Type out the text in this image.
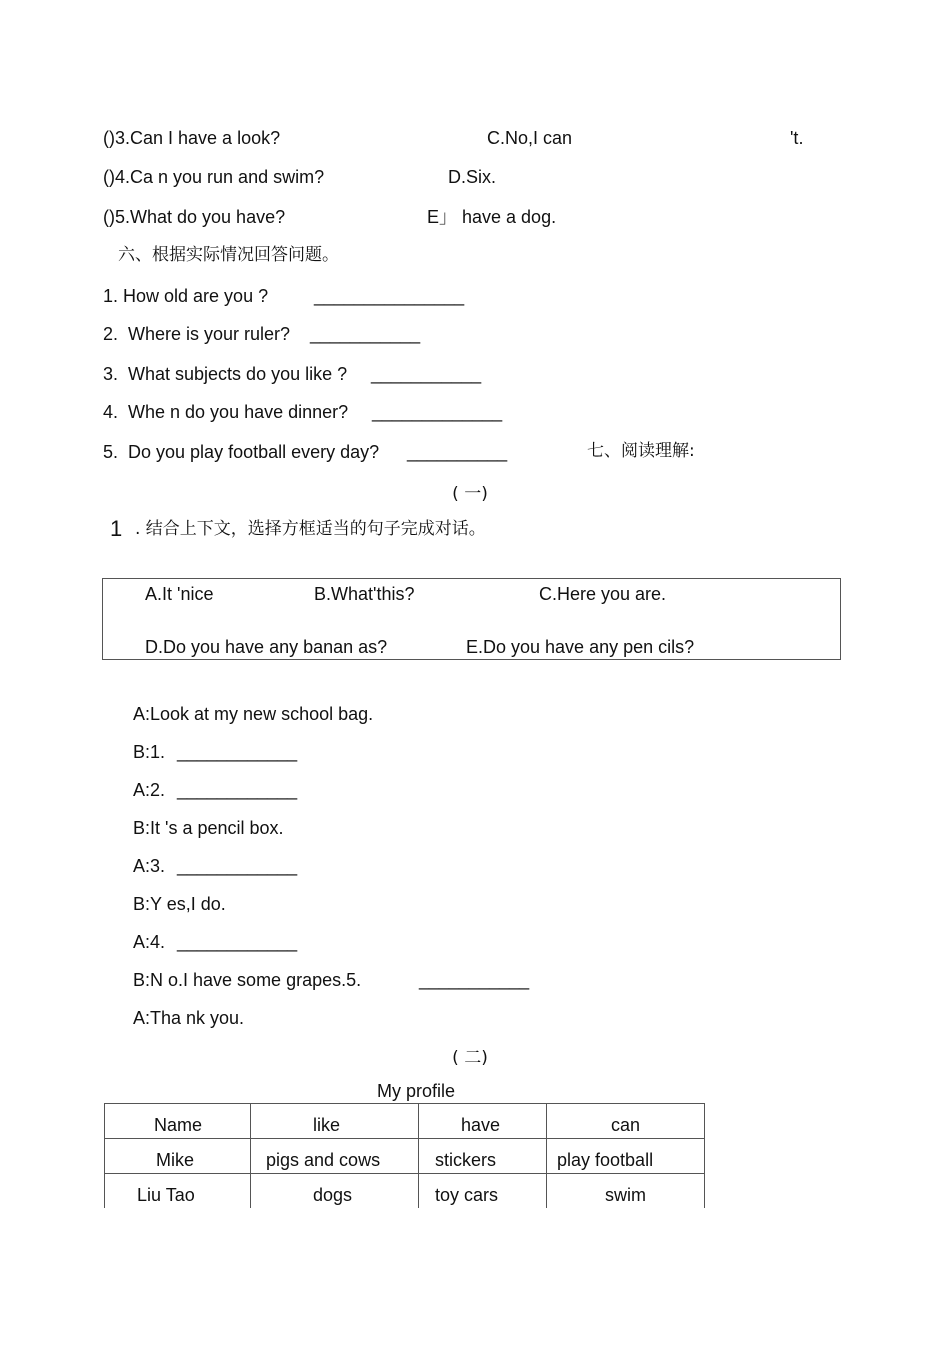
()3.Can I have a look?	C.No,I can	't.
()4.Ca n you run and swim?	D.Six.
()5.What do you have?	E」 have a dog.
六、根据实际情况回答问题。
1. How old are you ?	_______________
2.  Where is your ruler? ___________
3.  What subjects do you like ? ___________
4.  Whe n do you have dinner? _____________
5.  Do you play football every day? __________	七、阅读理解:
( 一)
1 . 结合上下文，选择方框适当的句子完成对话。
A.It 'nice	B.What'this?	C.Here you are.
D.Do you have any banan as?	E.Do you have any pen cils?
A:Look at my new school bag.
B:1. ____________
A:2. ____________
B:It 's a pencil box.
A:3. ____________
B:Y es,I do.
A:4. ____________
B:N o.I have some grapes.5.	___________
A:Tha nk you.
( 二)
My profile
Name	like	have	can

Mike	pigs and cows	stickers	play football

Liu Tao	dogs	toy cars	swim
